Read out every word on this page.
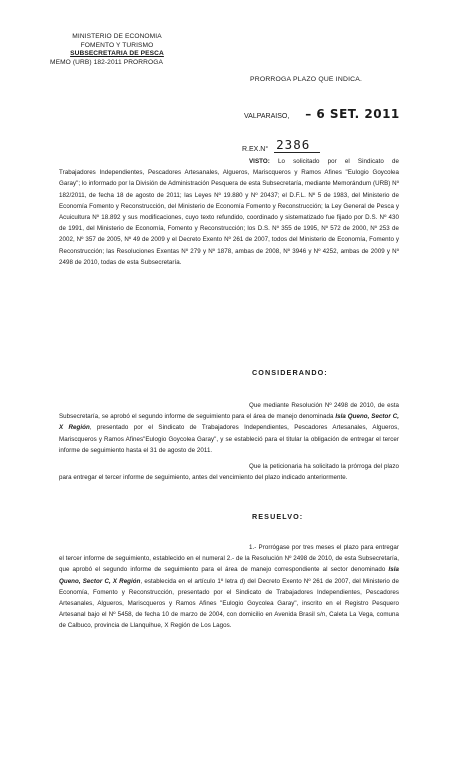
MINISTERIO DE ECONOMIA
FOMENTO Y TURISMO
SUBSECRETARIA DE PESCA
MEMO (URB) 182-2011 PRORROGA
PRORROGA PLAZO QUE INDICA.
VALPARAISO, – 6 SET. 2011
R.EX.N° 2386
VISTO: Lo solicitado por el Sindicato de Trabajadores Independientes, Pescadores Artesanales, Algueros, Mariscqueros y Ramos Afines "Eulogio Goycolea Garay"; lo informado por la División de Administración Pesquera de esta Subsecretaría, mediante Memorándum (URB) Nº 182/2011, de fecha 18 de agosto de 2011; las Leyes Nº 19.880 y Nº 20437; el D.F.L. Nº 5 de 1983, del Ministerio de Economía Fomento y Reconstrucción, del Ministerio de Economía Fomento y Reconstrucción; la Ley General de Pesca y Acuicultura Nº 18.892 y sus modificaciones, cuyo texto refundido, coordinado y sistematizado fue fijado por D.S. Nº 430 de 1991, del Ministerio de Economía, Fomento y Reconstrucción; los D.S. Nº 355 de 1995, Nº 572 de 2000, Nº 253 de 2002, Nº 357 de 2005, Nº 49 de 2009 y el Decreto Exento Nº 261 de 2007, todos del Ministerio de Economía, Fomento y Reconstrucción; las Resoluciones Exentas Nº 279 y Nº 1878, ambas de 2008, Nº 3946 y Nº 4252, ambas de 2009 y Nº 2498 de 2010, todas de esta Subsecretaría.
CONSIDERANDO:
Que mediante Resolución Nº 2498 de 2010, de esta Subsecretaría, se aprobó el segundo informe de seguimiento para el área de manejo denominada Isla Queno, Sector C, X Región, presentado por el Sindicato de Trabajadores Independientes, Pescadores Artesanales, Algueros, Mariscqueros y Ramos Afines"Eulogio Goycolea Garay", y se estableció para el titular la obligación de entregar el tercer informe de seguimiento hasta el 31 de agosto de 2011.
Que la peticionaria ha solicitado la prórroga del plazo para entregar el tercer informe de seguimiento, antes del vencimiento del plazo indicado anteriormente.
RESUELVO:
1.- Prorrógase por tres meses el plazo para entregar el tercer informe de seguimiento, establecido en el numeral 2.- de la Resolución Nº 2498 de 2010, de esta Subsecretaría, que aprobó el segundo informe de seguimiento para el área de manejo correspondiente al sector denominado Isla Queno, Sector C, X Región, establecida en el artículo 1º letra d) del Decreto Exento Nº 261 de 2007, del Ministerio de Economía, Fomento y Reconstrucción, presentado por el Sindicato de Trabajadores Independientes, Pescadores Artesanales, Algueros, Mariscqueros y Ramos Afines "Eulogio Goycolea Garay", inscrito en el Registro Pesquero Artesanal bajo el Nº 5458, de fecha 10 de marzo de 2004, con domicilio en Avenida Brasil s/n, Caleta La Vega, comuna de Calbuco, provincia de Llanquihue, X Región de Los Lagos.
